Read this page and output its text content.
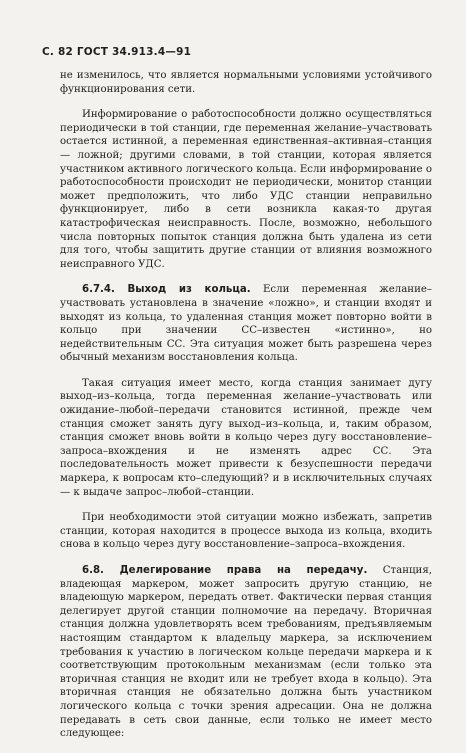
С. 82 ГОСТ 34.913.4—91

не изменилось, что является нормальными условиями устойчивого функционирования сети.

Информирование о работоспособности должно осуществляться периодически в той станции, где переменная желание–участвовать остается истинной, а переменная единственная–активная–станция — ложной; другими словами, в той станции, которая является участником активного логического кольца. Если информирование о работоспособности происходит не периодически, монитор станции может предположить, что либо УДС станции неправильно функционирует, либо в сети возникла какая-то другая катастрофическая неисправность. После, возможно, небольшого числа повторных попыток станция должна быть удалена из сети для того, чтобы защитить другие станции от влияния возможного неисправного УДС.

6.7.4. Выход из кольца. Если переменная желание–участвовать установлена в значение «ложно», и станции входят и выходят из кольца, то удаленная станция может повторно войти в кольцо при значении СС–известен «истинно», но недействительным СС. Эта ситуация может быть разрешена через обычный механизм восстановления кольца.

Такая ситуация имеет место, когда станция занимает дугу выход–из–кольца, тогда переменная желание–участвовать или ожидание–любой–передачи становится истинной, прежде чем станция сможет занять дугу выход–из–кольца, и, таким образом, станция сможет вновь войти в кольцо через дугу восстановление–запроса–вхождения и не изменять адрес СС. Эта последовательность может привести к безуспешности передачи маркера, к вопросам кто–следующий? и в исключительных случаях — к выдаче запрос–любой–станции.

При необходимости этой ситуации можно избежать, запретив станции, которая находится в процессе выхода из кольца, входить снова в кольцо через дугу восстановление–запроса–вхождения.

6.8. Делегирование права на передачу. Станция, владеющая маркером, может запросить другую станцию, не владеющую маркером, передать ответ. Фактически первая станция делегирует другой станции полномочие на передачу. Вторичная станция должна удовлетворять всем требованиям, предъявляемым настоящим стандартом к владельцу маркера, за исключением требования к участию в логическом кольце передачи маркера и к соответствующим протокольным механизмам (если только эта вторичная станция не входит или не требует входа в кольцо). Эта вторичная станция не обязательно должна быть участником логического кольца с точки зрения адресации. Она не должна передавать в сеть свои данные, если только не имеет место следующее:
